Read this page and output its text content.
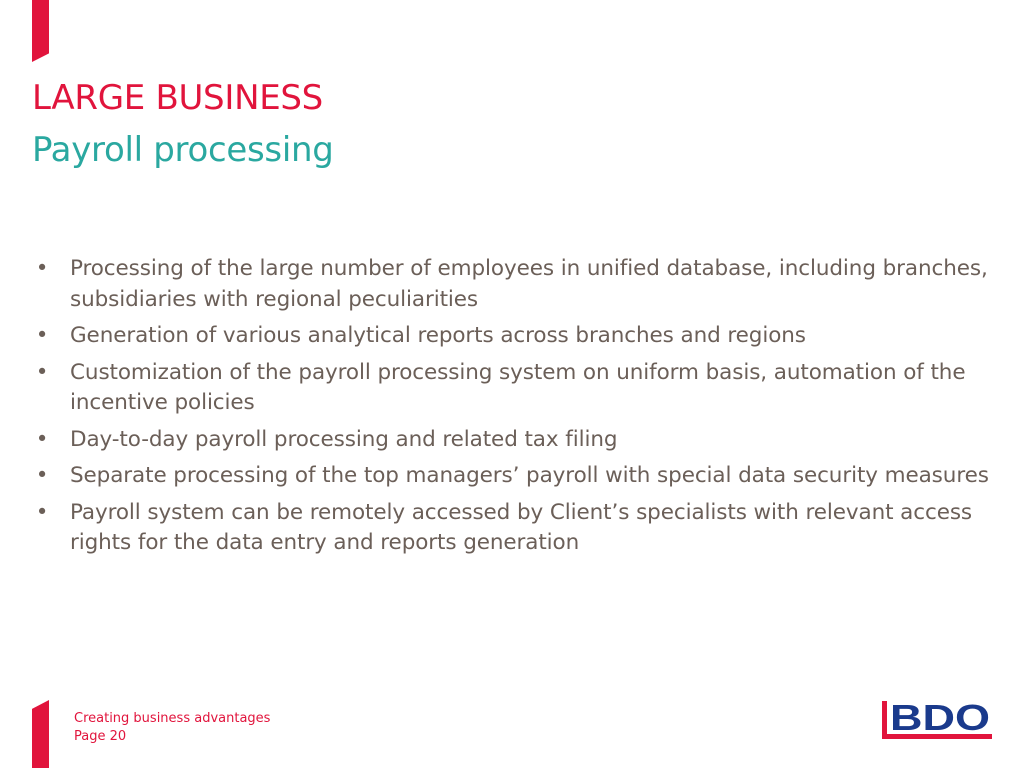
LARGE BUSINESS
Payroll processing
• Processing of the large number of employees in unified database, including branches, subsidiaries with regional peculiarities
• Generation of various analytical reports across branches and regions
• Customization of the payroll processing system on uniform basis, automation of the incentive policies
• Day-to-day payroll processing and related tax filing
• Separate processing of the top managers’ payroll with special data security measures
• Payroll system can be remotely accessed by Client’s specialists with relevant access rights for the data entry and reports generation
Creating business advantages
Page 20	BDO
